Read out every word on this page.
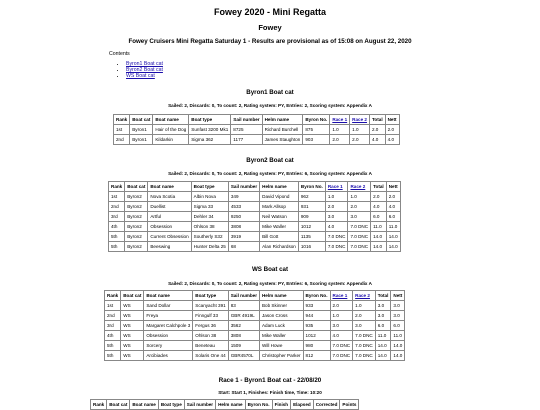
Fowey 2020 - Mini Regatta
Fowey
Fowey Cruisers Mini Regatta Saturday 1 - Results are provisional as of 15:08 on August 22, 2020
Contents
• Byron1 Boat cat
• Byron2 Boat cat
• WS Boat cat
Byron1 Boat cat
Sailed: 2, Discards: 0, To count: 2, Rating system: PY, Entries: 2, Scoring system: Appendix A
Rank	Boat cat	Boat name	Boat type	Sail number	Helm name	Byron No.	Race 1	Race 2	Total	Nett
1st	Byron1	Hair of the Dog	Sunfast 3200 Mk1	8725	Richard Burchell	875	1.0	1.0	2.0	2.0
2nd	Byron1	Kildarkin	Sigma 362	1177	James Staughton	903	2.0	2.0	4.0	4.0
Byron2 Boat cat
Sailed: 2, Discards: 0, To count: 2, Rating system: PY, Entries: 6, Scoring system: Appendix A
Rank	Boat cat	Boat name	Boat type	Sail number	Helm name	Byron No.	Race 1	Race 2	Total	Nett
1st	Byron2	Nova Scotia	Albin Nova	349	David Vipond	962	1.0	1.0	2.0	2.0
2nd	Byron2	Duellist	Sigma 33	4533	Mark Allsop	931	2.0	2.0	4.0	4.0
3rd	Byron2	Artful	Dehler 34	9250	Neil Watson	909	3.0	3.0	6.0	6.0
4th	Byron2	Obsession	Ohlson 38	3808	Mike Waller	1012	4.0	7.0 DNC	11.0	11.0
5th	Byron2	Current Obsession	Southerly S32	3919	Bill Gott	1135	7.0 DNC	7.0 DNC	14.0	14.0
5th	Byron2	Beeswing	Hunter Delta 25	68	Alan Richardson	1016	7.0 DNC	7.0 DNC	14.0	14.0
WS Boat cat
Sailed: 2, Discards: 0, To count: 2, Rating system: PY, Entries: 6, Scoring system: Appendix A
Rank	Boat cat	Boat name	Boat type	Sail number	Helm name	Byron No.	Race 1	Race 2	Total	Nett
1st	WS	Sand Dollar	Scanyacht 391	83	Bob Skinner	933	2.0	1.0	3.0	3.0
2nd	WS	Freya	Finngulf 33	GBR 4919L	Jason Cross	944	1.0	2.0	3.0	3.0
3rd	WS	Margaret Calchpole 3	Fergus 36	3562	Adam Luck	935	3.0	3.0	6.0	6.0
4th	WS	Obsession	Ohlson 38	3808	Mike Waller	1012	4.0	7.0 DNC	11.0	11.0
5th	WS	Sorcery	Beneteau	1509	Will Howe	980	7.0 DNC	7.0 DNC	14.0	14.0
5th	WS	Arcibiades	Solaris One 44	GBR4570L	Christopher Parker	812	7.0 DNC	7.0 DNC	14.0	14.0
Race 1 - Byron1 Boat cat - 22/08/20
Start: Start 1, Finishes: Finish time, Time: 10:20
Rank	Boat cat	Boat name	Boat type	Sail number	Helm name	Byron No.	Finish	Elapsed	Corrected	Points
